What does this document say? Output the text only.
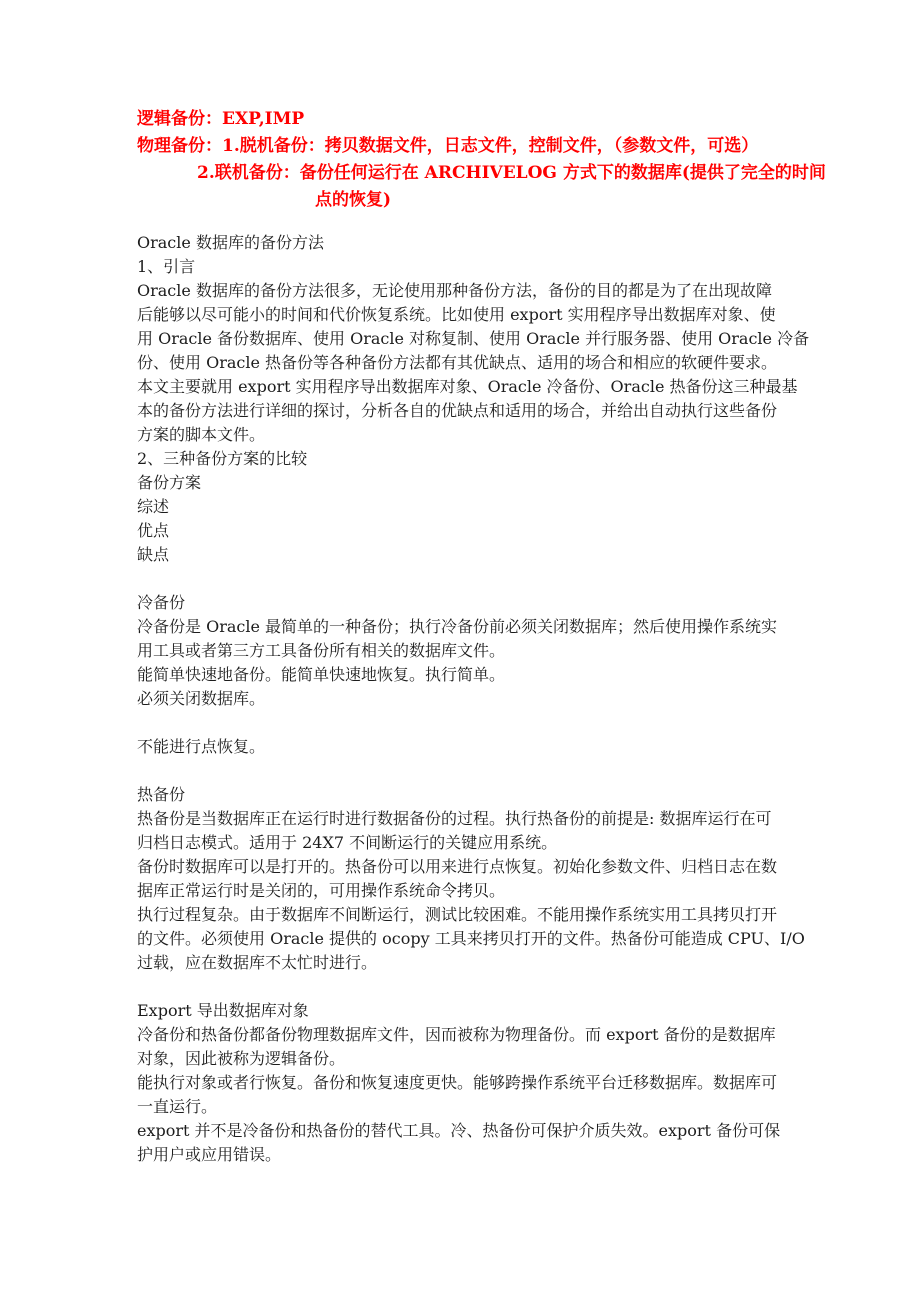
逻辑备份：EXP,IMP
物理备份：1.脱机备份：拷贝数据文件，日志文件，控制文件，（参数文件，可选）
2.联机备份：备份任何运行在 ARCHIVELOG 方式下的数据库(提供了完全的时间
点的恢复)
Oracle 数据库的备份方法
1、引言
Oracle 数据库的备份方法很多，无论使用那种备份方法，备份的目的都是为了在出现故障
后能够以尽可能小的时间和代价恢复系统。比如使用 export 实用程序导出数据库对象、使
用 Oracle 备份数据库、使用 Oracle 对称复制、使用 Oracle 并行服务器、使用 Oracle 冷备
份、使用 Oracle 热备份等各种备份方法都有其优缺点、适用的场合和相应的软硬件要求。
本文主要就用 export 实用程序导出数据库对象、Oracle 冷备份、Oracle 热备份这三种最基
本的备份方法进行详细的探讨，分析各自的优缺点和适用的场合，并给出自动执行这些备份
方案的脚本文件。
2、三种备份方案的比较
备份方案
综述
优点
缺点
冷备份
冷备份是 Oracle 最简单的一种备份；执行冷备份前必须关闭数据库；然后使用操作系统实
用工具或者第三方工具备份所有相关的数据库文件。
能简单快速地备份。能简单快速地恢复。执行简单。
必须关闭数据库。
不能进行点恢复。
热备份
热备份是当数据库正在运行时进行数据备份的过程。执行热备份的前提是: 数据库运行在可
归档日志模式。适用于 24X7 不间断运行的关键应用系统。
备份时数据库可以是打开的。热备份可以用来进行点恢复。初始化参数文件、归档日志在数
据库正常运行时是关闭的，可用操作系统命令拷贝。
执行过程复杂。由于数据库不间断运行，测试比较困难。不能用操作系统实用工具拷贝打开
的文件。必须使用 Oracle 提供的 ocopy 工具来拷贝打开的文件。热备份可能造成 CPU、I/O
过载，应在数据库不太忙时进行。
Export 导出数据库对象
冷备份和热备份都备份物理数据库文件，因而被称为物理备份。而 export 备份的是数据库
对象，因此被称为逻辑备份。
能执行对象或者行恢复。备份和恢复速度更快。能够跨操作系统平台迁移数据库。数据库可
一直运行。
export 并不是冷备份和热备份的替代工具。冷、热备份可保护介质失效。export 备份可保
护用户或应用错误。
